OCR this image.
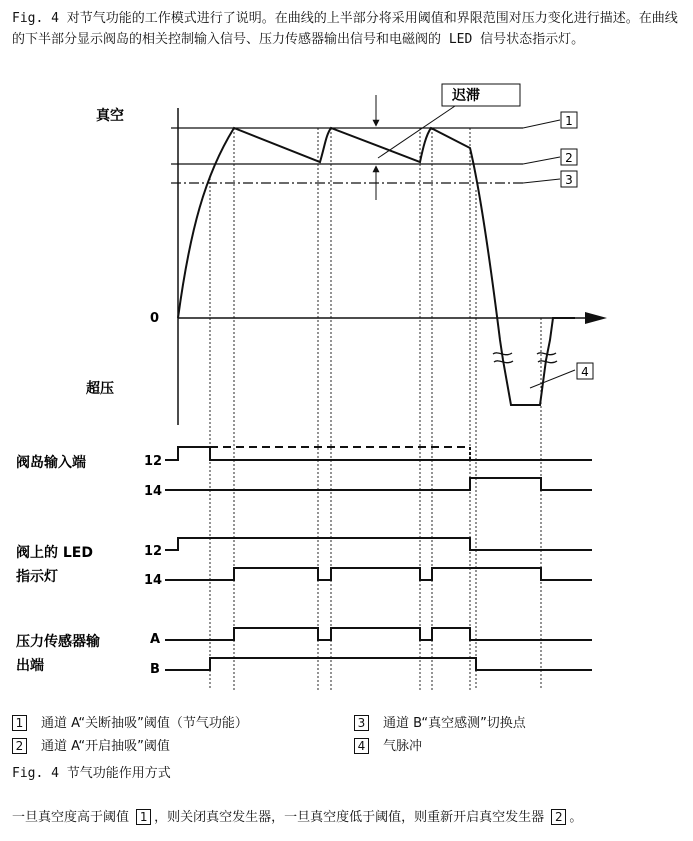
Fig. 4 对节气功能的工作模式进行了说明。在曲线的上半部分将采用阈值和界限范围对压力变化进行描述。在曲线的下半部分显示阀岛的相关控制输入信号、压力传感器输出信号和电磁阀的 LED 信号状态指示灯。

1
2
3
4
迟滞
真空
0
超压
阀岛输入端
阀上的 LED
指示灯
压力传感器输
出端
12
14
12
14
A
B
1 通道 A“关断抽吸”阈值（节气功能）
2 通道 A“开启抽吸”阈值
3 通道 B“真空感测”切换点
4 气脉冲
Fig. 4 节气功能作用方式
一旦真空度高于阈值 1 ，则关闭真空发生器，一旦真空度低于阈值，则重新开启真空发生器 2 。
